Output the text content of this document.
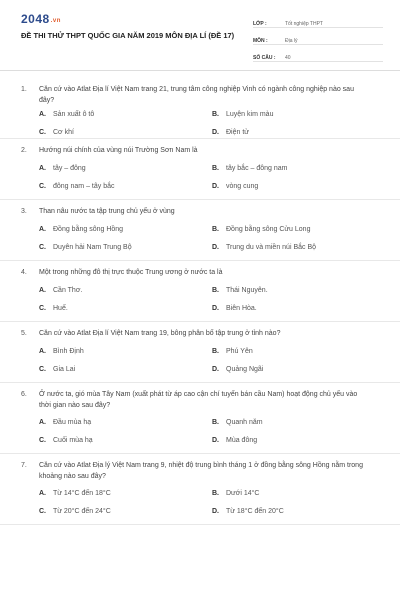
2048.vn
ĐỀ THI THỬ THPT QUỐC GIA NĂM 2019 MÔN ĐỊA LÍ (ĐỀ 17)
LỚP :	Tốt nghiệp THPT
MÔN :	Địa lý
SỐ CÂU :	40
1.	Căn cứ vào Atlat Địa lí Việt Nam trang 21, trung tâm công nghiệp Vinh có ngành công nghiệp nào sau đây?
A.	Sản xuất ô tô	B.	Luyện kim màu
C.	Cơ khí	D.	Điện tử
2.	Hướng núi chính của vùng núi Trường Sơn Nam là
A.	tây – đông	B.	tây bắc – đông nam
C.	đông nam – tây bắc	D.	vòng cung
3.	Than nâu nước ta tập trung chủ yếu ở vùng
A.	Đồng bằng sông Hồng	B.	Đồng bằng sông Cửu Long
C.	Duyên hải Nam Trung Bộ	D.	Trung du và miền núi Bắc Bộ
4.	Một trong những đô thị trực thuộc Trung ương ở nước ta là
A.	Cần Thơ.	B.	Thái Nguyên.
C.	Huế.	D.	Biên Hòa.
5.	Căn cứ vào Atlat Địa lí Việt Nam trang 19, bông phân bố tập trung ở tỉnh nào?
A.	Bình Định	B.	Phú Yên
C.	Gia Lai	D.	Quảng Ngãi
6.	Ở nước ta, gió mùa Tây Nam (xuất phát từ áp cao cận chí tuyến bán cầu Nam) hoạt động chủ yếu vào thời gian nào sau đây?
A.	Đầu mùa hạ	B.	Quanh năm
C.	Cuối mùa hạ	D.	Mùa đông
7.	Căn cứ vào Atlat Địa lý Việt Nam trang 9, nhiệt độ trung bình tháng 1 ở đồng bằng sông Hồng nằm trong khoảng nào sau đây?
A.	Từ 14°C đến 18°C	B.	Dưới 14°C
C.	Từ 20°C đến 24°C	D.	Từ 18°C đến 20°C
